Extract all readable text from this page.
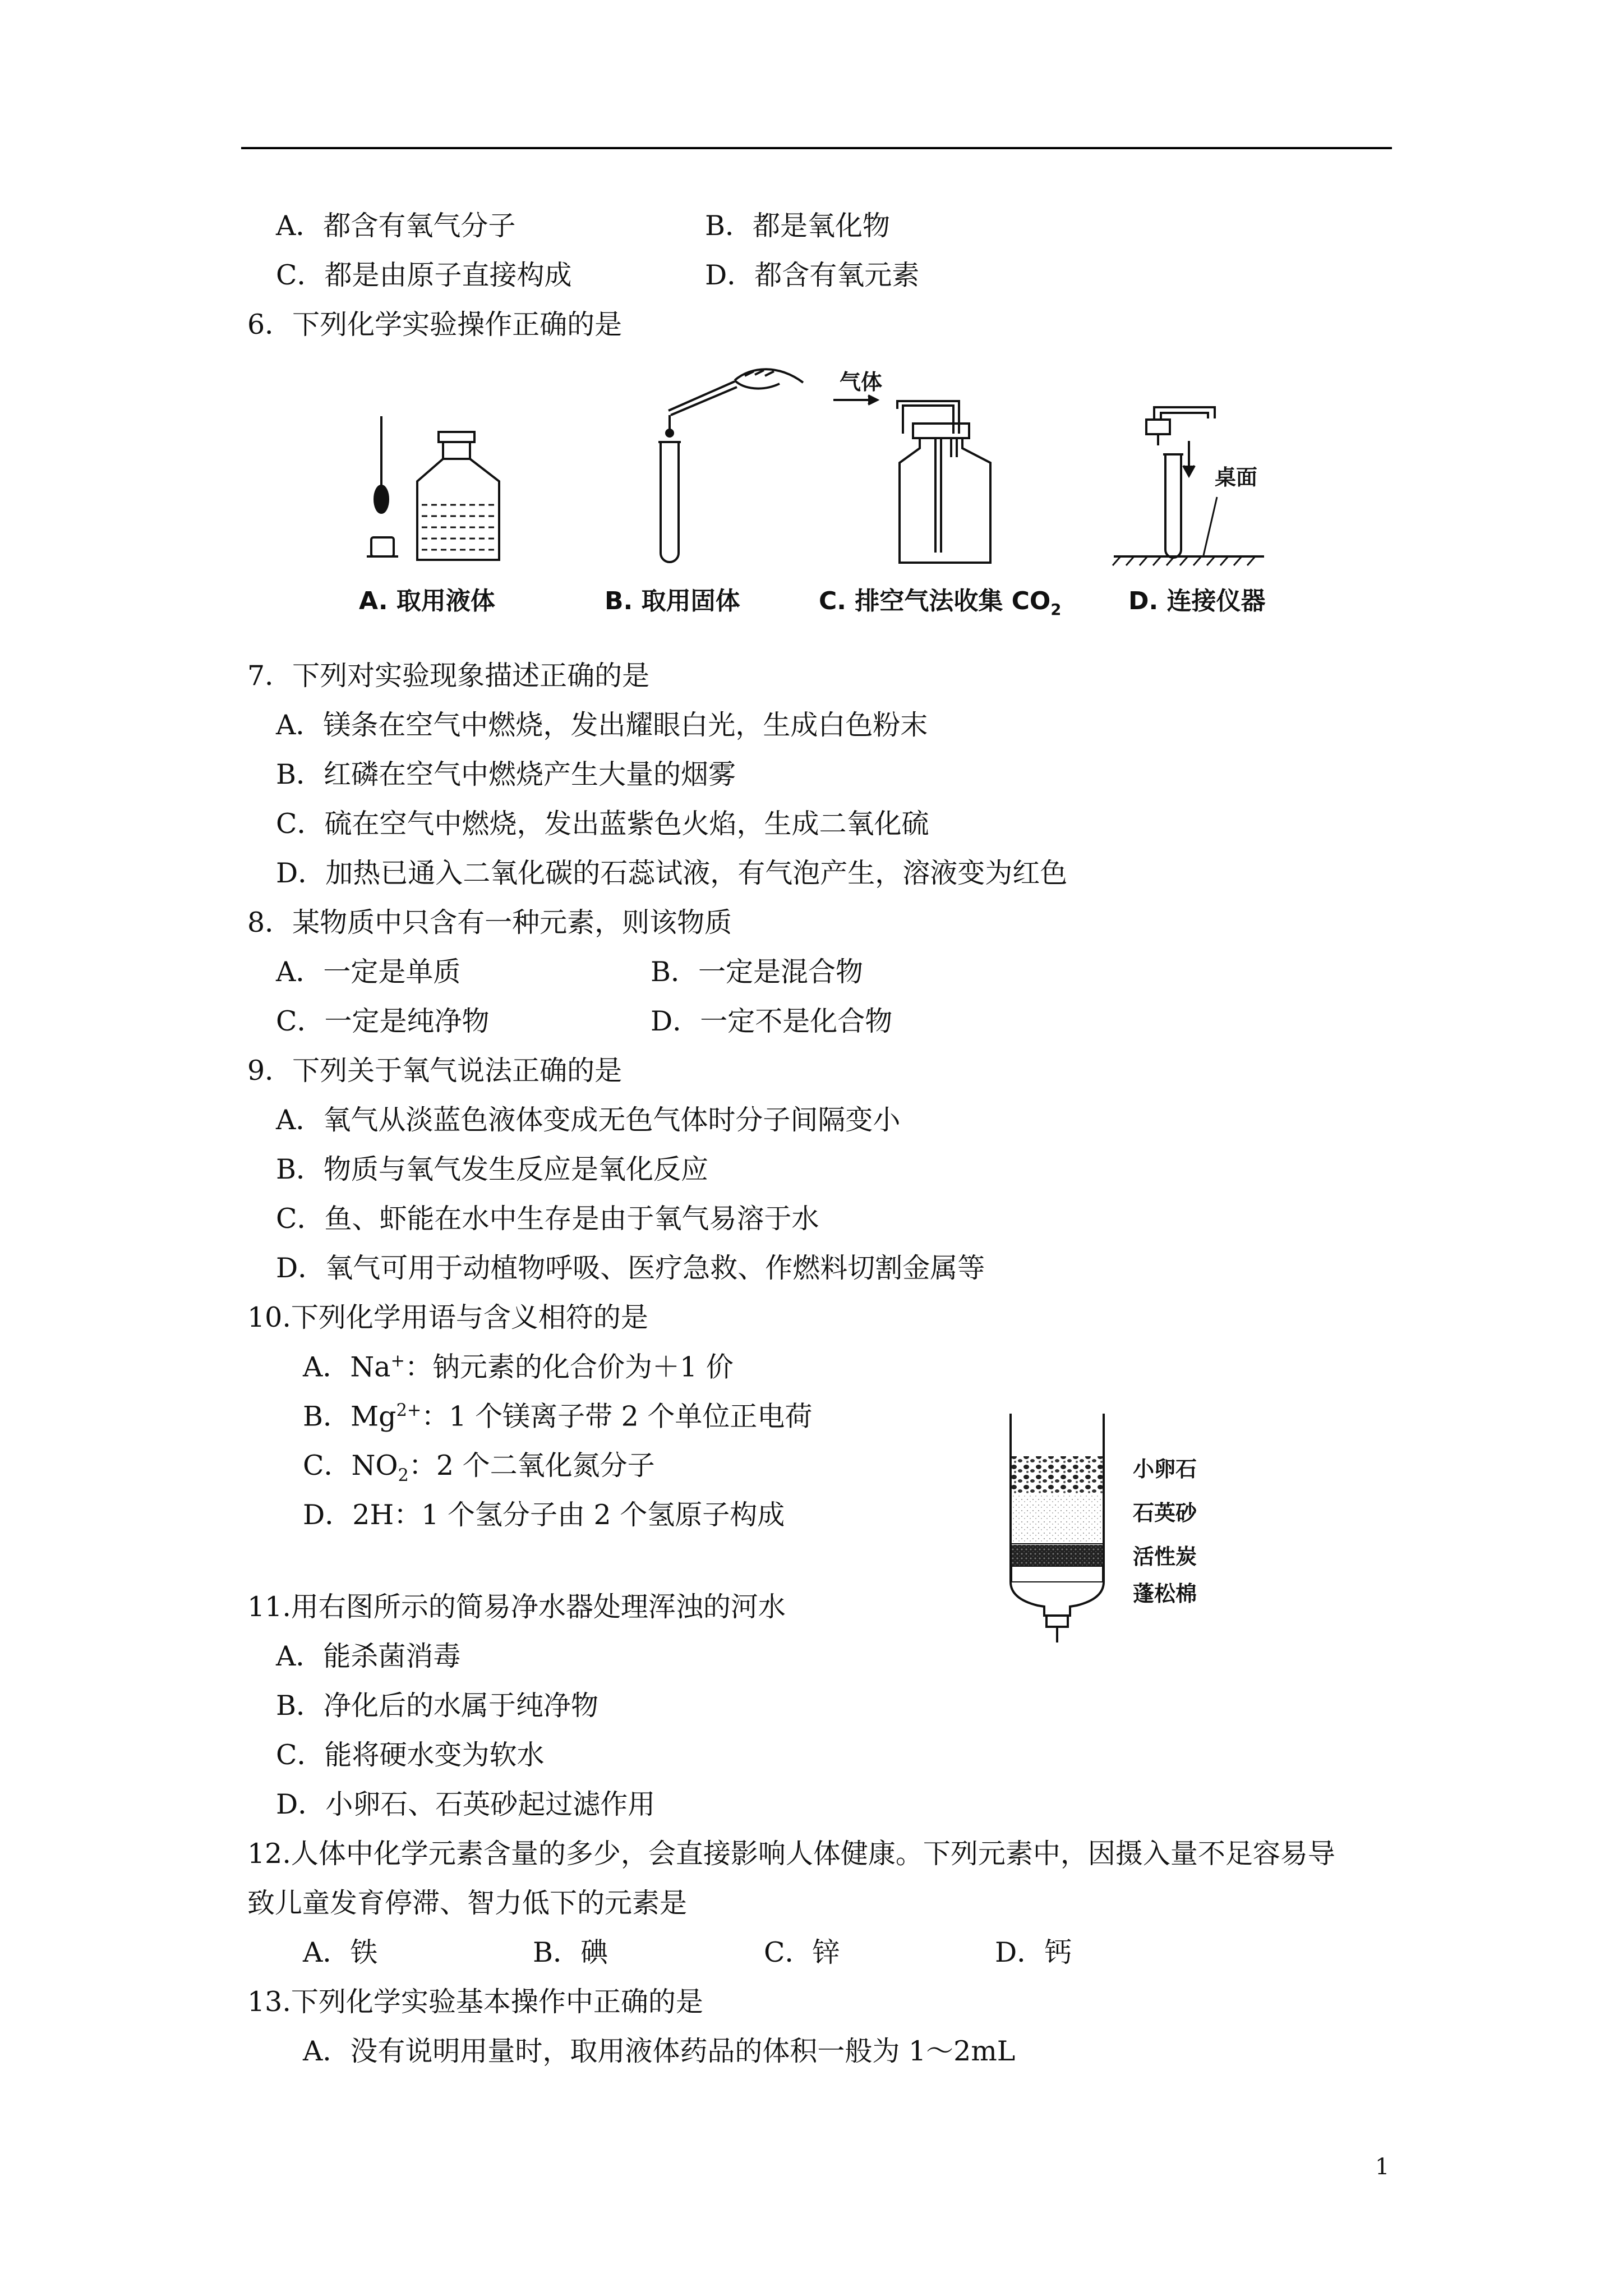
A．都含有氧气分子	B．都是氧化物
C．都是由原子直接构成	D．都含有氧元素
6．下列化学实验操作正确的是
A. 取用液体	B. 取用固体
气体
C. 排空气法收集 $CO_2$
桌面
D. 连接仪器
7．下列对实验现象描述正确的是
A．镁条在空气中燃烧，发出耀眼白光，生成白色粉末
B．红磷在空气中燃烧产生大量的烟雾
C．硫在空气中燃烧，发出蓝紫色火焰，生成二氧化硫
D．加热已通入二氧化碳的石蕊试液，有气泡产生，溶液变为红色
8．某物质中只含有一种元素，则该物质
A．一定是单质	B．一定是混合物
C．一定是纯净物	D．一定不是化合物
9．下列关于氧气说法正确的是
A．氧气从淡蓝色液体变成无色气体时分子间隔变小
B．物质与氧气发生反应是氧化反应
C．鱼、虾能在水中生存是由于氧气易溶于水
D．氧气可用于动植物呼吸、医疗急救、作燃料切割金属等
10.下列化学用语与含义相符的是
A．Na+：钠元素的化合价为＋1 价
B．$Mg^{2+}$：1 个镁离子带 2 个单位正电荷
C．$NO_2$：2 个二氧化氮分子
D．2H：1 个氢分子由 2 个氢原子构成
小卵石
石英砂
活性炭
蓬松棉
11.用右图所示的简易净水器处理浑浊的河水
A．能杀菌消毒
B．净化后的水属于纯净物
C．能将硬水变为软水
D．小卵石、石英砂起过滤作用
12.人体中化学元素含量的多少，会直接影响人体健康。下列元素中，因摄入量不足容易导
致儿童发育停滞、智力低下的元素是
A．铁	B．碘	C．锌	D．钙
13.下列化学实验基本操作中正确的是
A．没有说明用量时，取用液体药品的体积一般为 1～2mL
1
